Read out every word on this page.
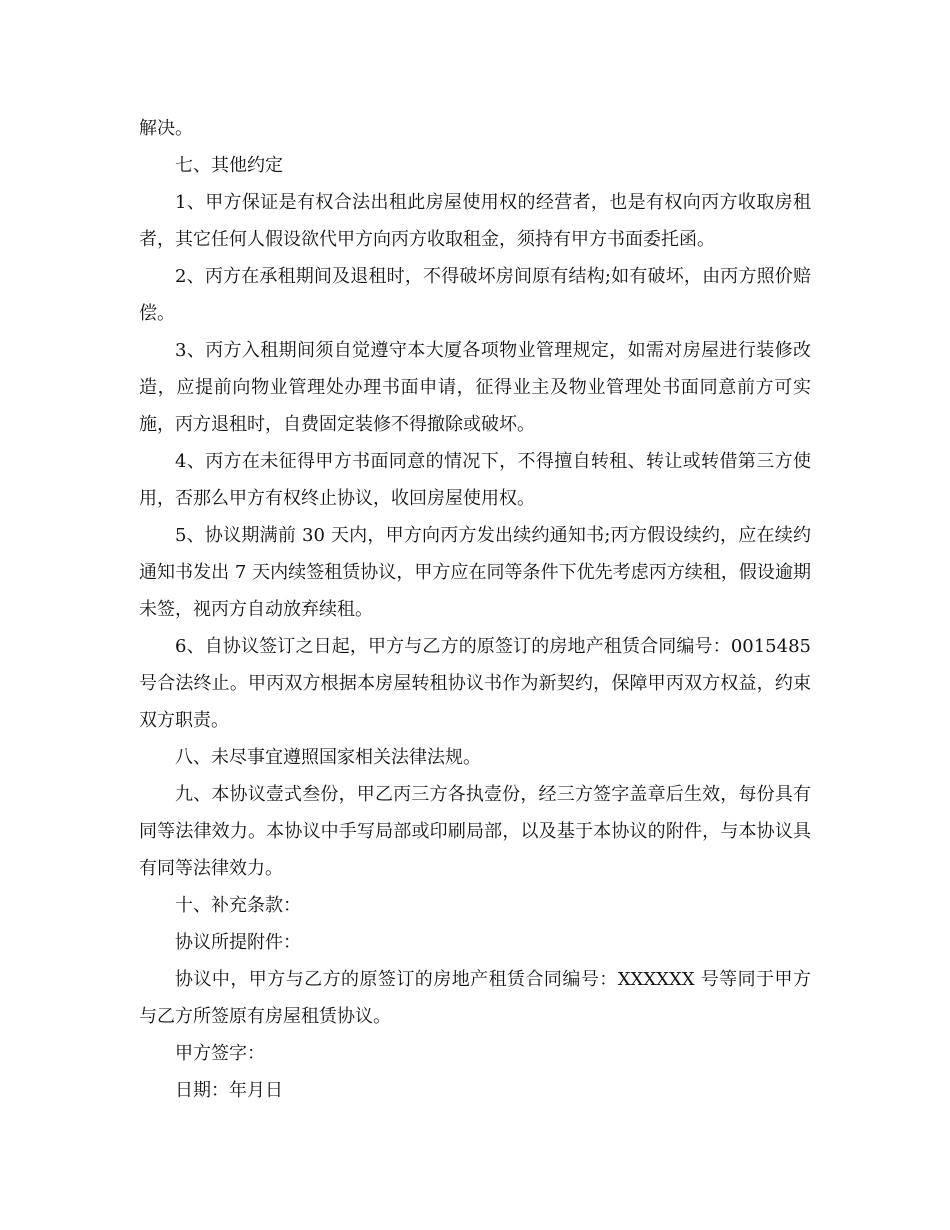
解决。

七、其他约定

1、甲方保证是有权合法出租此房屋使用权的经营者，也是有权向丙方收取房租者，其它任何人假设欲代甲方向丙方收取租金，须持有甲方书面委托函。

2、丙方在承租期间及退租时，不得破坏房间原有结构;如有破坏，由丙方照价赔偿。

3、丙方入租期间须自觉遵守本大厦各项物业管理规定，如需对房屋进行装修改造，应提前向物业管理处办理书面申请，征得业主及物业管理处书面同意前方可实施，丙方退租时，自费固定装修不得撤除或破坏。

4、丙方在未征得甲方书面同意的情况下，不得擅自转租、转让或转借第三方使用，否那么甲方有权终止协议，收回房屋使用权。

5、协议期满前 30 天内，甲方向丙方发出续约通知书;丙方假设续约，应在续约通知书发出 7 天内续签租赁协议，甲方应在同等条件下优先考虑丙方续租，假设逾期未签，视丙方自动放弃续租。

6、自协议签订之日起，甲方与乙方的原签订的房地产租赁合同编号：0015485号合法终止。甲丙双方根据本房屋转租协议书作为新契约，保障甲丙双方权益，约束双方职责。

八、未尽事宜遵照国家相关法律法规。

九、本协议壹式叁份，甲乙丙三方各执壹份，经三方签字盖章后生效，每份具有同等法律效力。本协议中手写局部或印刷局部，以及基于本协议的附件，与本协议具有同等法律效力。

十、补充条款：

协议所提附件：

协议中，甲方与乙方的原签订的房地产租赁合同编号：XXXXXX 号等同于甲方与乙方所签原有房屋租赁协议。

甲方签字：

日期：年月日
